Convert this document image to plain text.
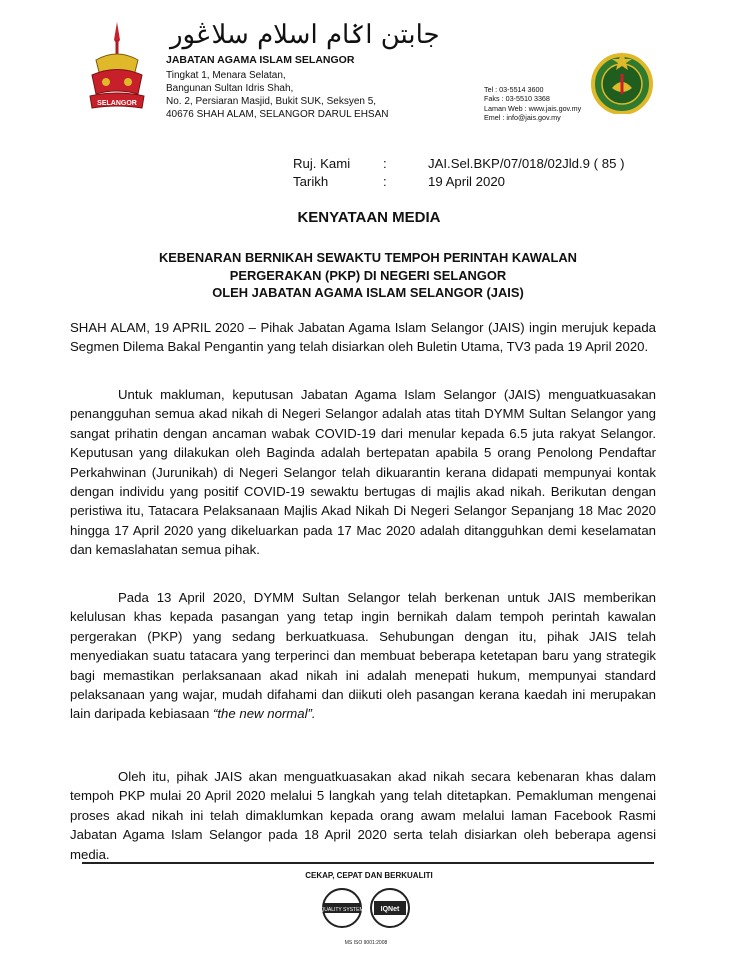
SELANGOR
جابتن اݢام اسلام سلاڠور
JABATAN AGAMA ISLAM SELANGOR
Tingkat 1, Menara Selatan,
Bangunan Sultan Idris Shah,
No. 2, Persiaran Masjid, Bukit SUK, Seksyen 5,
40676 SHAH ALAM, SELANGOR DARUL EHSAN
Tel : 03-5514 3600
Faks : 03-5510 3368
Laman Web : www.jais.gov.my
Emel : info@jais.gov.my
Ruj. Kami :	JAI.Sel.BKP/07/018/02Jld.9 ( 85 )
Tarikh	:	19 April 2020
KENYATAAN MEDIA
KEBENARAN BERNIKAH SEWAKTU TEMPOH PERINTAH KAWALAN
PERGERAKAN (PKP) DI NEGERI SELANGOR
OLEH JABATAN AGAMA ISLAM SELANGOR (JAIS)
SHAH ALAM, 19 APRIL 2020 – Pihak Jabatan Agama Islam Selangor (JAIS) ingin merujuk kepada Segmen Dilema Bakal Pengantin yang telah disiarkan oleh Buletin Utama, TV3 pada 19 April 2020.
Untuk makluman, keputusan Jabatan Agama Islam Selangor (JAIS) menguatkuasakan penangguhan semua akad nikah di Negeri Selangor adalah atas titah DYMM Sultan Selangor yang sangat prihatin dengan ancaman wabak COVID-19 dari menular kepada 6.5 juta rakyat Selangor. Keputusan yang dilakukan oleh Baginda adalah bertepatan apabila 5 orang Penolong Pendaftar Perkahwinan (Jurunikah) di Negeri Selangor telah dikuarantin kerana didapati mempunyai kontak dengan individu yang positif COVID-19 sewaktu bertugas di majlis akad nikah. Berikutan dengan peristiwa itu, Tatacara Pelaksanaan Majlis Akad Nikah Di Negeri Selangor Sepanjang 18 Mac 2020 hingga 17 April 2020 yang dikeluarkan pada 17 Mac 2020 adalah ditangguhkan demi keselamatan dan kemaslahatan semua pihak.
Pada 13 April 2020, DYMM Sultan Selangor telah berkenan untuk JAIS memberikan kelulusan khas kepada pasangan yang tetap ingin bernikah dalam tempoh perintah kawalan pergerakan (PKP) yang sedang berkuatkuasa. Sehubungan dengan itu, pihak JAIS telah menyediakan suatu tatacara yang terperinci dan membuat beberapa ketetapan baru yang strategik bagi memastikan perlaksanaan akad nikah ini adalah menepati hukum, mempunyai standard pelaksanaan yang wajar, mudah difahami dan diikuti oleh pasangan kerana kaedah ini merupakan lain daripada kebiasaan “the new normal”.
Oleh itu, pihak JAIS akan menguatkuasakan akad nikah secara kebenaran khas dalam tempoh PKP mulai 20 April 2020 melalui 5 langkah yang telah ditetapkan. Pemakluman mengenai proses akad nikah ini telah dimaklumkan kepada orang awam melalui laman Facebook Rasmi Jabatan Agama Islam Selangor pada 18 April 2020 serta telah disiarkan oleh beberapa agensi media.
CEKAP, CEPAT DAN BERKUALITI
QUALITY SYSTEM IQNet
MS ISO 9001:2008
